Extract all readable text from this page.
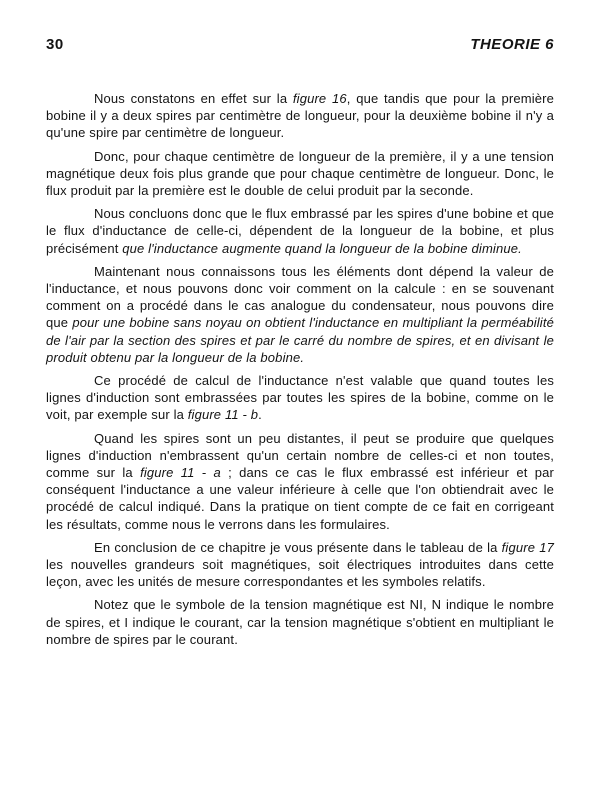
30	THEORIE 6

Nous constatons en effet sur la figure 16, que tandis que pour la première bobine il y a deux spires par centimètre de longueur, pour la deuxième bobine il n'y a qu'une spire par centimètre de longueur.

Donc, pour chaque centimètre de longueur de la première, il y a une tension magnétique deux fois plus grande que pour chaque centimètre de longueur. Donc, le flux produit par la première est le double de celui produit par la seconde.

Nous concluons donc que le flux embrassé par les spires d'une bobine et que le flux d'inductance de celle-ci, dépendent de la longueur de la bobine, et plus précisément que l'inductance augmente quand la longueur de la bobine diminue.

Maintenant nous connaissons tous les éléments dont dépend la valeur de l'inductance, et nous pouvons donc voir comment on la calcule : en se souvenant comment on a procédé dans le cas analogue du condensateur, nous pouvons dire que pour une bobine sans noyau on obtient l'inductance en multipliant la perméabilité de l'air par la section des spires et par le carré du nombre de spires, et en divisant le produit obtenu par la longueur de la bobine.

Ce procédé de calcul de l'inductance n'est valable que quand toutes les lignes d'induction sont embrassées par toutes les spires de la bobine, comme on le voit, par exemple sur la figure 11 - b.

Quand les spires sont un peu distantes, il peut se produire que quelques lignes d'induction n'embrassent qu'un certain nombre de celles-ci et non toutes, comme sur la figure 11 - a ; dans ce cas le flux embrassé est inférieur et par conséquent l'inductance a une valeur inférieure à celle que l'on obtiendrait avec le procédé de calcul indiqué. Dans la pratique on tient compte de ce fait en corrigeant les résultats, comme nous le verrons dans les formulaires.

En conclusion de ce chapitre je vous présente dans le tableau de la figure 17 les nouvelles grandeurs soit magnétiques, soit électriques introduites dans cette leçon, avec les unités de mesure correspondantes et les symboles relatifs.

Notez que le symbole de la tension magnétique est NI, N indique le nombre de spires, et I indique le courant, car la tension magnétique s'obtient en multipliant le nombre de spires par le courant.
